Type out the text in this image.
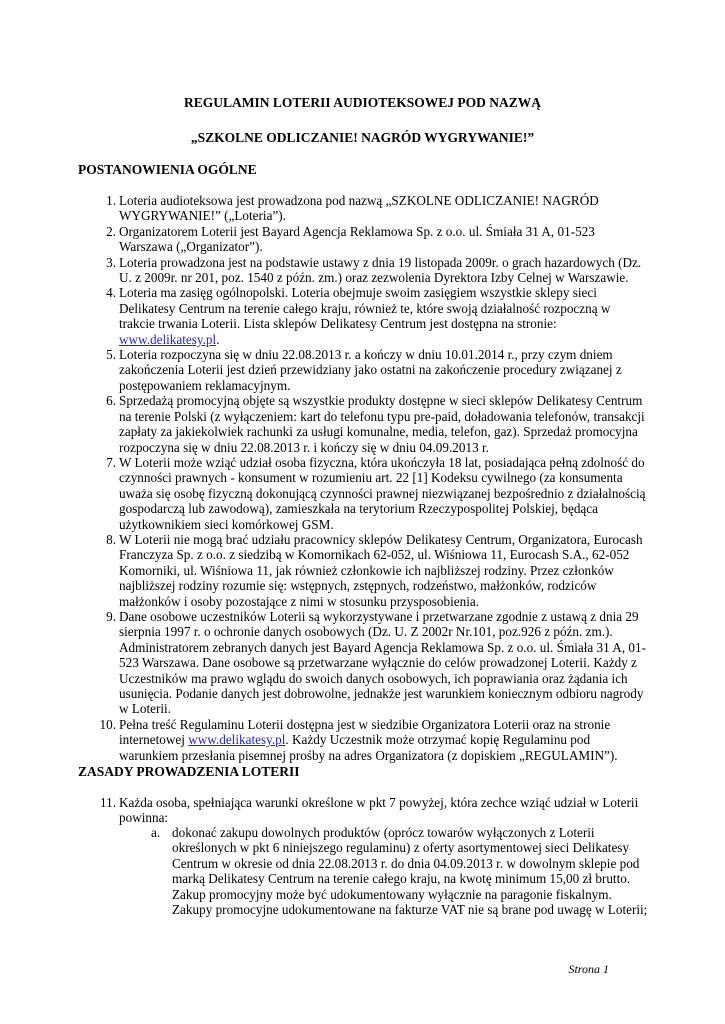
REGULAMIN LOTERII AUDIOTEKSOWEJ POD NAZWĄ
„SZKOLNE ODLICZANIE! NAGRÓD WYGRYWANIE!”
POSTANOWIENIA OGÓLNE
1. Loteria audioteksowa jest prowadzona pod nazwą „SZKOLNE ODLICZANIE! NAGRÓD WYGRYWANIE!” („Loteria”).
2. Organizatorem Loterii jest Bayard Agencja Reklamowa Sp. z o.o. ul. Śmiała 31 A, 01-523 Warszawa („Organizator”).
3. Loteria prowadzona jest na podstawie ustawy z dnia 19 listopada 2009r. o grach hazardowych (Dz. U. z 2009r. nr 201, poz. 1540 z późn. zm.) oraz zezwolenia Dyrektora Izby Celnej w Warszawie.
4. Loteria ma zasięg ogólnopolski. Loteria obejmuje swoim zasięgiem wszystkie sklepy sieci Delikatesy Centrum na terenie całego kraju, również te, które swoją działalność rozpoczną w trakcie trwania Loterii. Lista sklepów Delikatesy Centrum jest dostępna na stronie: www.delikatesy.pl.
5. Loteria rozpoczyna się w dniu 22.08.2013 r. a kończy w dniu 10.01.2014 r., przy czym dniem zakończenia Loterii jest dzień przewidziany jako ostatni na zakończenie procedury związanej z postępowaniem reklamacyjnym.
6. Sprzedażą promocyjną objęte są wszystkie produkty dostępne w sieci sklepów Delikatesy Centrum na terenie Polski (z wyłączeniem: kart do telefonu typu pre-paid, doładowania telefonów, transakcji zapłaty za jakiekolwiek rachunki za usługi komunalne, media, telefon, gaz). Sprzedaż promocyjna rozpoczyna się w dniu 22.08.2013 r. i kończy się w dniu 04.09.2013 r.
7. W Loterii może wziąć udział osoba fizyczna, która ukończyła 18 lat, posiadająca pełną zdolność do czynności prawnych - konsument w rozumieniu art. 22 [1] Kodeksu cywilnego (za konsumenta uważa się osobę fizyczną dokonującą czynności prawnej niezwiązanej bezpośrednio z działalnością gospodarczą lub zawodową), zamieszkała na terytorium Rzeczypospolitej Polskiej, będąca użytkownikiem sieci komórkowej GSM.
8. W Loterii nie mogą brać udziału pracownicy sklepów Delikatesy Centrum, Organizatora, Eurocash Franczyza Sp. z o.o. z siedzibą w Komornikach 62-052, ul. Wiśniowa 11, Eurocash S.A., 62-052 Komorniki, ul. Wiśniowa 11, jak również członkowie ich najbliższej rodziny. Przez członków najbliższej rodziny rozumie się: wstępnych, zstępnych, rodzeństwo, małżonków, rodziców małżonków i osoby pozostające z nimi w stosunku przysposobienia.
9. Dane osobowe uczestników Loterii są wykorzystywane i przetwarzane zgodnie z ustawą z dnia 29 sierpnia 1997 r. o ochronie danych osobowych (Dz. U. Z 2002r Nr.101, poz.926 z późn. zm.). Administratorem zebranych danych jest Bayard Agencja Reklamowa Sp. z o.o. ul. Śmiała 31 A, 01-523 Warszawa. Dane osobowe są przetwarzane wyłącznie do celów prowadzonej Loterii. Każdy z Uczestników ma prawo wglądu do swoich danych osobowych, ich poprawiania oraz żądania ich usunięcia. Podanie danych jest dobrowolne, jednakże jest warunkiem koniecznym odbioru nagrody w Loterii.
10. Pełna treść Regulaminu Loterii dostępna jest w siedzibie Organizatora Loterii oraz na stronie internetowej www.delikatesy.pl. Każdy Uczestnik może otrzymać kopię Regulaminu pod warunkiem przesłania pisemnej prośby na adres Organizatora (z dopiskiem „REGULAMIN”).
ZASADY PROWADZENIA LOTERII
11. Każda osoba, spełniająca warunki określone w pkt 7 powyżej, która zechce wziąć udział w Loterii powinna:
a. dokonać zakupu dowolnych produktów (oprócz towarów wyłączonych z Loterii określonych w pkt 6 niniejszego regulaminu) z oferty asortymentowej sieci Delikatesy Centrum w okresie od dnia 22.08.2013 r. do dnia 04.09.2013 r. w dowolnym sklepie pod marką Delikatesy Centrum na terenie całego kraju, na kwotę minimum 15,00 zł brutto. Zakup promocyjny może być udokumentowany wyłącznie na paragonie fiskalnym. Zakupy promocyjne udokumentowane na fakturze VAT nie są brane pod uwagę w Loterii;
Strona 1
